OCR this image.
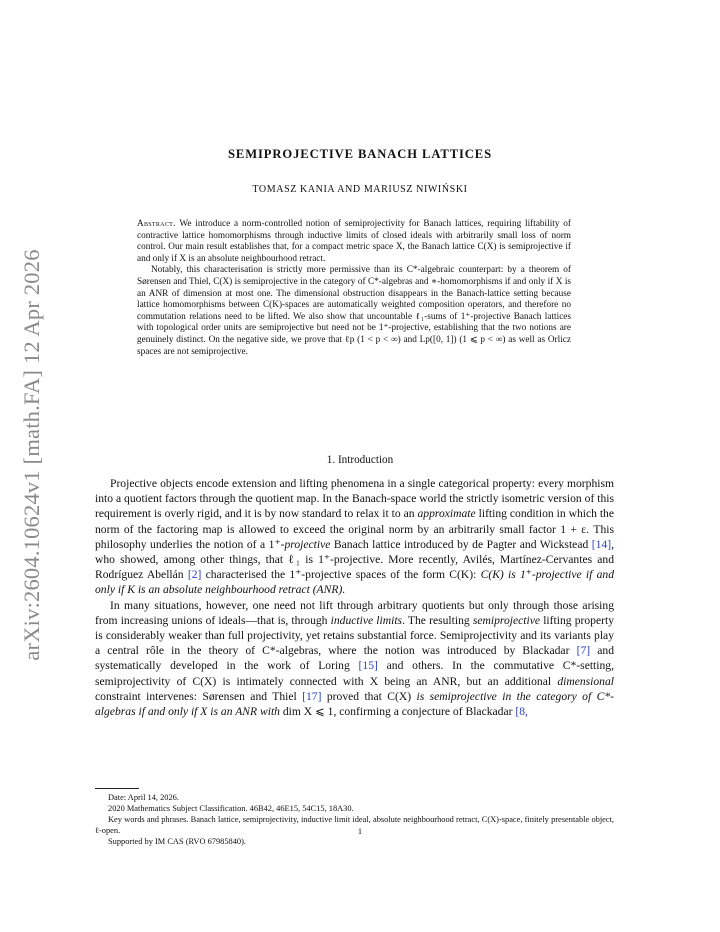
arXiv:2604.10624v1 [math.FA] 12 Apr 2026
SEMIPROJECTIVE BANACH LATTICES
TOMASZ KANIA AND MARIUSZ NIWIŃSKI

Abstract. We introduce a norm-controlled notion of semiprojectivity for Banach lattices, requiring liftability of contractive lattice homomorphisms through inductive limits of closed ideals with arbitrarily small loss of norm control. Our main result establishes that, for a compact metric space X, the Banach lattice C(X) is semiprojective if and only if X is an absolute neighbourhood retract.

Notably, this characterisation is strictly more permissive than its C*-algebraic counterpart: by a theorem of Sørensen and Thiel, C(X) is semiprojective in the category of C*-algebras and ∗-homomorphisms if and only if X is an ANR of dimension at most one. The dimensional obstruction disappears in the Banach-lattice setting because lattice homomorphisms between C(K)-spaces are automatically weighted composition operators, and therefore no commutation relations need to be lifted. We also show that uncountable ℓ₁-sums of 1⁺-projective Banach lattices with topological order units are semiprojective but need not be 1⁺-projective, establishing that the two notions are genuinely distinct. On the negative side, we prove that ℓp (1 < p < ∞) and Lp([0, 1]) (1 ⩽ p < ∞) as well as Orlicz spaces are not semiprojective.

1. Introduction

Projective objects encode extension and lifting phenomena in a single categorical property: every morphism into a quotient factors through the quotient map. In the Banach-space world the strictly isometric version of this requirement is overly rigid, and it is by now standard to relax it to an approximate lifting condition in which the norm of the factoring map is allowed to exceed the original norm by an arbitrarily small factor 1 + ε. This philosophy underlies the notion of a 1⁺-projective Banach lattice introduced by de Pagter and Wickstead [14], who showed, among other things, that ℓ₁ is 1⁺-projective. More recently, Avilés, Martínez-Cervantes and Rodríguez Abellán [2] characterised the 1⁺-projective spaces of the form C(K): C(K) is 1⁺-projective if and only if K is an absolute neighbourhood retract (ANR).

In many situations, however, one need not lift through arbitrary quotients but only through those arising from increasing unions of ideals—that is, through inductive limits. The resulting semiprojective lifting property is considerably weaker than full projectivity, yet retains substantial force. Semiprojectivity and its variants play a central rôle in the theory of C*-algebras, where the notion was introduced by Blackadar [7] and systematically developed in the work of Loring [15] and others. In the commutative C*-setting, semiprojectivity of C(X) is intimately connected with X being an ANR, but an additional dimensional constraint intervenes: Sørensen and Thiel [17] proved that C(X) is semiprojective in the category of C*-algebras if and only if X is an ANR with dim X ⩽ 1, confirming a conjecture of Blackadar [8,

Date: April 14, 2026.

2020 Mathematics Subject Classification. 46B42, 46E15, 54C15, 18A30.

Key words and phrases. Banach lattice, semiprojectivity, inductive limit ideal, absolute neighbourhood retract, C(X)-space, finitely presentable object, ℓ-open.

Supported by IM CAS (RVO 67985840).

1
